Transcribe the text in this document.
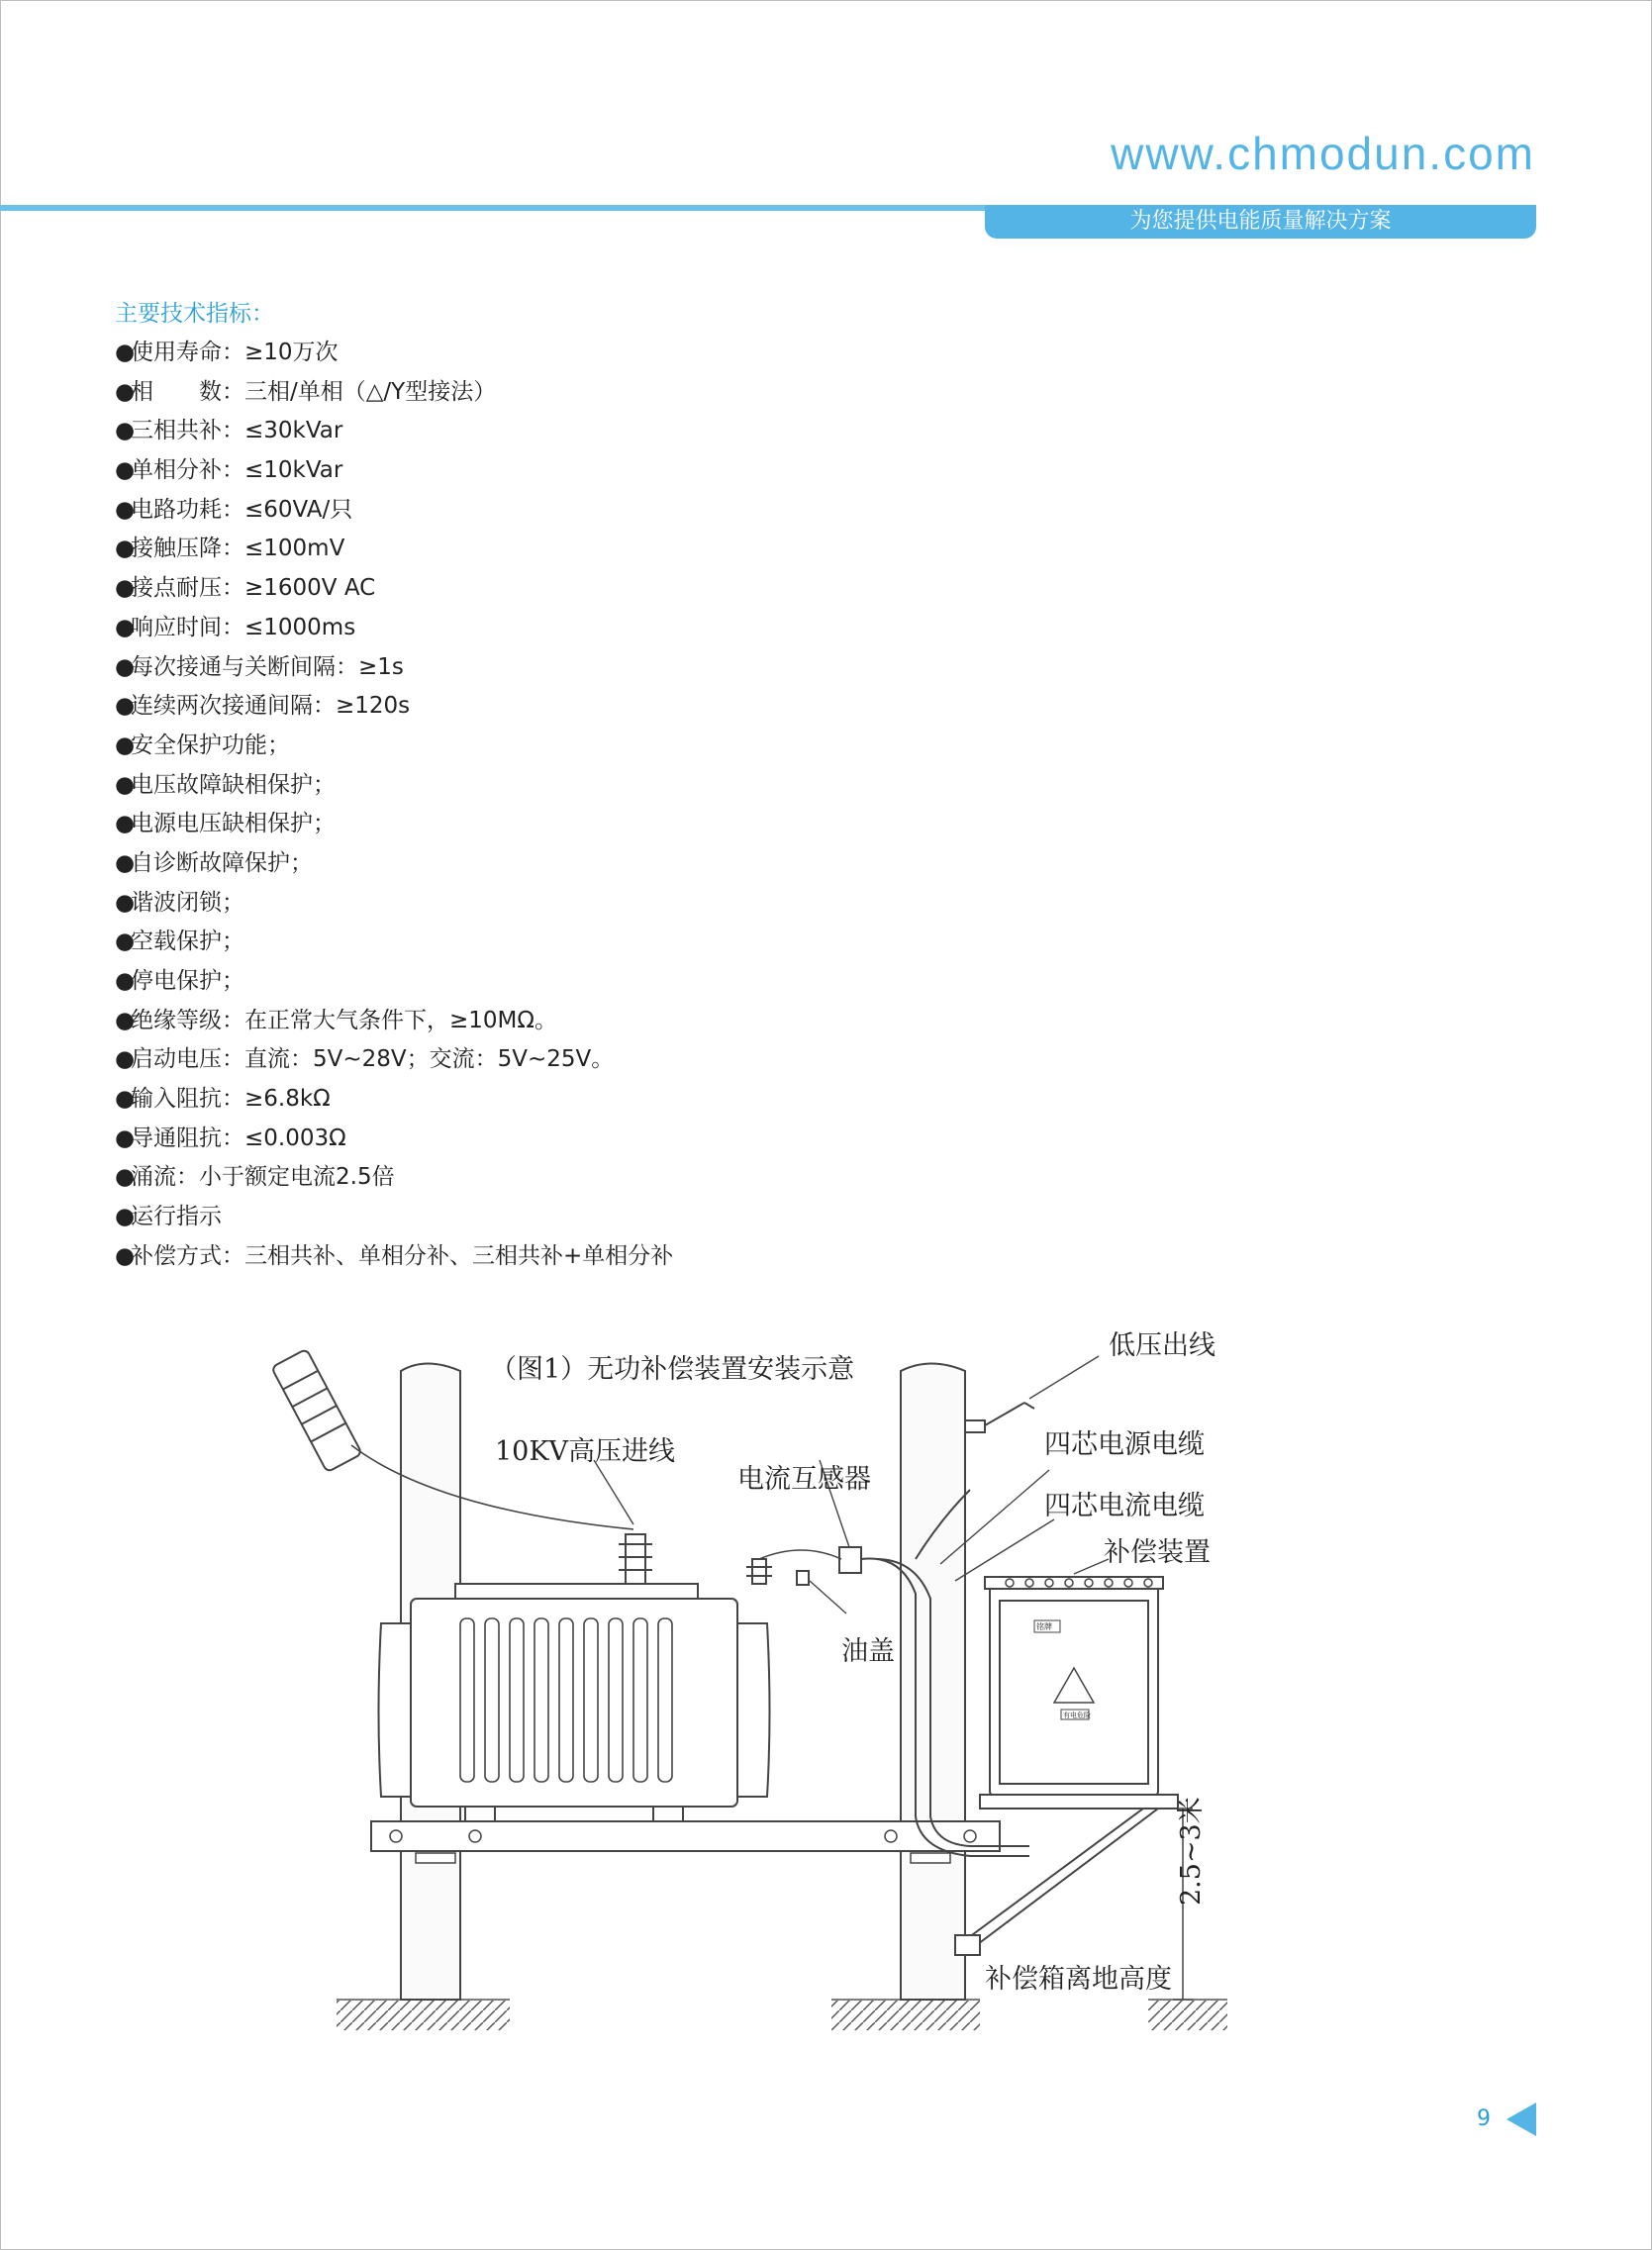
www.chmodun.com
为您提供电能质量解决方案
主要技术指标：
●使用寿命：≥10万次
●相　　数：三相/单相（△/Y型接法）
●三相共补：≤30kVar
●单相分补：≤10kVar
●电路功耗：≤60VA/只
●接触压降：≤100mV
●接点耐压：≥1600V AC
●响应时间：≤1000ms
●每次接通与关断间隔：≥1s
●连续两次接通间隔：≥120s
●安全保护功能；
●电压故障缺相保护；
●电源电压缺相保护；
●自诊断故障保护；
●谐波闭锁；
●空载保护；
●停电保护；
●绝缘等级：在正常大气条件下，≥10MΩ。
●启动电压：直流：5V~28V；交流：5V~25V。
●输入阻抗：≥6.8kΩ
●导通阻抗：≤0.003Ω
●涌流：小于额定电流2.5倍
●运行指示
●补偿方式：三相共补、单相分补、三相共补+单相分补
铭牌
有电危险
（图1）无功补偿装置安装示意
10KV高压进线
电流互感器
低压出线
四芯电源电缆
四芯电流电缆
补偿装置
油盖
2.5~3米
补偿箱离地高度
9
